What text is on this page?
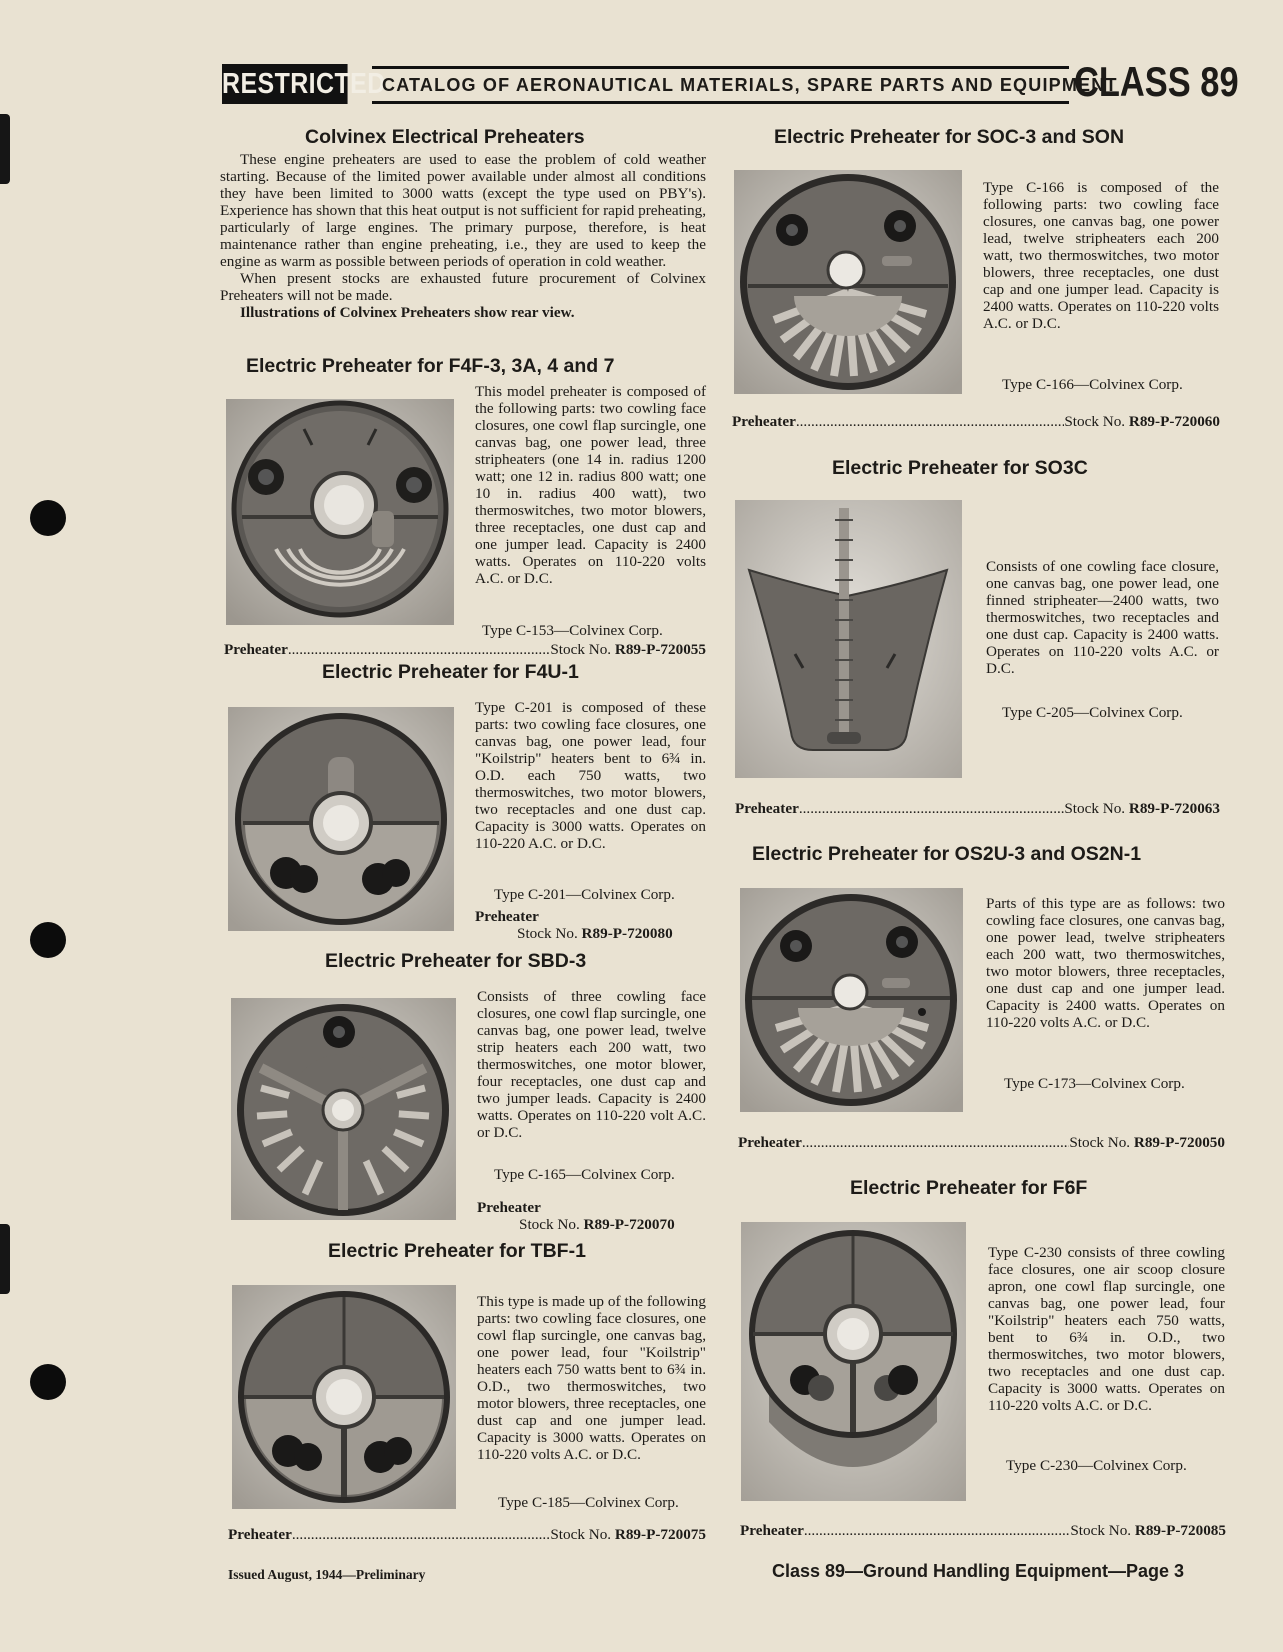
RESTRICTED
CATALOG OF AERONAUTICAL MATERIALS, SPARE PARTS AND EQUIPMENT
CLASS 89
Colvinex Electrical Preheaters

These engine preheaters are used to ease the problem of cold weather starting. Because of the limited power available under almost all conditions they have been limited to 3000 watts (except the type used on PBY's). Experience has shown that this heat output is not sufficient for rapid preheating, particularly of large engines. The primary purpose, therefore, is heat maintenance rather than engine preheating, i.e., they are used to keep the engine as warm as possible between periods of operation in cold weather.

When present stocks are exhausted future procurement of Colvinex Preheaters will not be made.

Illustrations of Colvinex Preheaters show rear view.

Electric Preheater for F4F-3, 3A, 4 and 7
This model preheater is composed of the following parts: two cowling face closures, one cowl flap surcingle, one canvas bag, one power lead, three stripheaters (one 14 in. radius 1200 watt; one 12 in. radius 800 watt; one 10 in. radius 400 watt), two thermoswitches, two motor blowers, three receptacles, one dust cap and one jumper lead. Capacity is 2400 watts. Operates on 110-220 volts A.C. or D.C.
Type C-153—Colvinex Corp.
Preheater .....	Stock No. R89-P-720055
Electric Preheater for F4U-1
Type C-201 is composed of these parts: two cowling face closures, one canvas bag, one power lead, four "Koilstrip" heaters bent to 6¾ in. O.D. each 750 watts, two thermoswitches, two motor blowers, two receptacles and one dust cap. Capacity is 3000 watts. Operates on 110-220 A.C. or D.C.
Type C-201—Colvinex Corp.
Preheater
Stock No. R89-P-720080
Electric Preheater for SBD-3
Consists of three cowling face closures, one cowl flap surcingle, one canvas bag, one power lead, twelve strip heaters each 200 watt, two thermoswitches, one motor blower, four receptacles, one dust cap and two jumper leads. Capacity is 2400 watts. Operates on 110-220 volt A.C. or D.C.
Type C-165—Colvinex Corp.
Preheater
Stock No. R89-P-720070
Electric Preheater for TBF-1
This type is made up of the following parts: two cowling face closures, one cowl flap surcingle, one canvas bag, one power lead, four "Koilstrip" heaters each 750 watts bent to 6¾ in. O.D., two thermoswitches, two motor blowers, three receptacles, one dust cap and one jumper lead. Capacity is 3000 watts. Operates on 110-220 volts A.C. or D.C.
Type C-185—Colvinex Corp.
Preheater .....	Stock No. R89-P-720075
Electric Preheater for SOC-3 and SON
Type C-166 is composed of the following parts: two cowling face closures, one canvas bag, one power lead, twelve stripheaters each 200 watt, two thermoswitches, two motor blowers, three receptacles, one dust cap and one jumper lead. Capacity is 2400 watts. Operates on 110-220 volts A.C. or D.C.
Type C-166—Colvinex Corp.
Preheater .....	Stock No. R89-P-720060
Electric Preheater for SO3C
Consists of one cowling face closure, one canvas bag, one power lead, one finned stripheater—2400 watts, two thermoswitches, two receptacles and one dust cap. Capacity is 2400 watts. Operates on 110-220 volts A.C. or D.C.
Type C-205—Colvinex Corp.
Preheater .....	Stock No. R89-P-720063
Electric Preheater for OS2U-3 and OS2N-1
Parts of this type are as follows: two cowling face closures, one canvas bag, one power lead, twelve stripheaters each 200 watt, two thermoswitches, two motor blowers, three receptacles, one dust cap and one jumper lead. Capacity is 2400 watts. Operates on 110-220 volts A.C. or D.C.
Type C-173—Colvinex Corp.
Preheater .....	Stock No. R89-P-720050
Electric Preheater for F6F
Type C-230 consists of three cowling face closures, one air scoop closure apron, one cowl flap surcingle, one canvas bag, one power lead, four "Koilstrip" heaters each 750 watts, bent to 6¾ in. O.D., two thermoswitches, two motor blowers, two receptacles and one dust cap. Capacity is 3000 watts. Operates on 110-220 volts A.C. or D.C.
Type C-230—Colvinex Corp.
Preheater .....	Stock No. R89-P-720085
Issued August, 1944—Preliminary	Class 89—Ground Handling Equipment—Page 3
